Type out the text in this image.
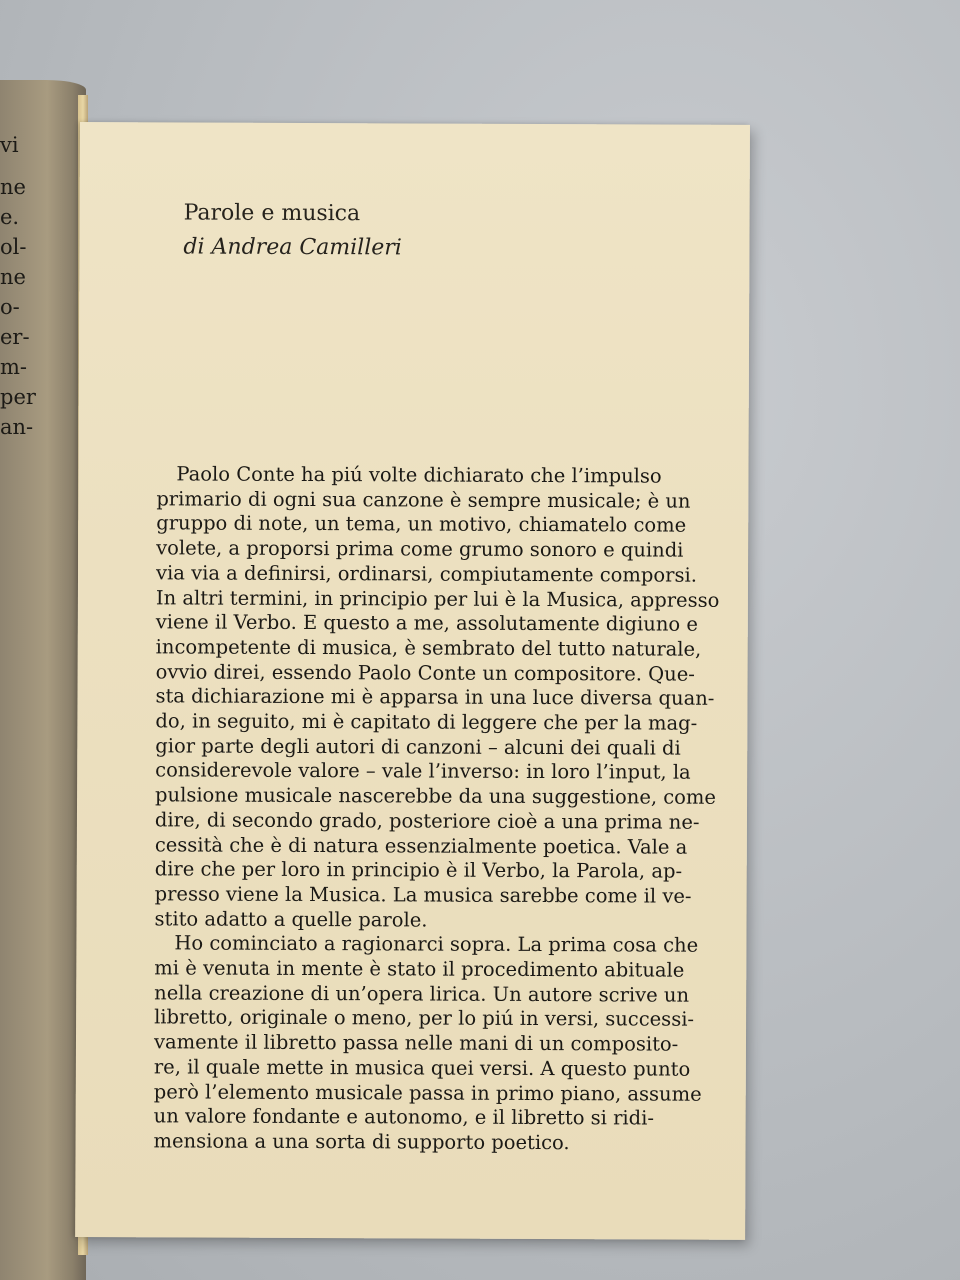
vi
ne
e.
ol-
ne
o-
er-
m-
per
an-
Parole e musica
di Andrea Camilleri
Paolo Conte ha piú volte dichiarato che l’impulso
primario di ogni sua canzone è sempre musicale; è un
gruppo di note, un tema, un motivo, chiamatelo come
volete, a proporsi prima come grumo sonoro e quindi
via via a definirsi, ordinarsi, compiutamente comporsi.
In altri termini, in principio per lui è la Musica, appresso
viene il Verbo. E questo a me, assolutamente digiuno e
incompetente di musica, è sembrato del tutto naturale,
ovvio direi, essendo Paolo Conte un compositore. Que-
sta dichiarazione mi è apparsa in una luce diversa quan-
do, in seguito, mi è capitato di leggere che per la mag-
gior parte degli autori di canzoni – alcuni dei quali di
considerevole valore – vale l’inverso: in loro l’input, la
pulsione musicale nascerebbe da una suggestione, come
dire, di secondo grado, posteriore cioè a una prima ne-
cessità che è di natura essenzialmente poetica. Vale a
dire che per loro in principio è il Verbo, la Parola, ap-
presso viene la Musica. La musica sarebbe come il ve-
stito adatto a quelle parole.
Ho cominciato a ragionarci sopra. La prima cosa che
mi è venuta in mente è stato il procedimento abituale
nella creazione di un’opera lirica. Un autore scrive un
libretto, originale o meno, per lo piú in versi, successi-
vamente il libretto passa nelle mani di un composito-
re, il quale mette in musica quei versi. A questo punto
però l’elemento musicale passa in primo piano, assume
un valore fondante e autonomo, e il libretto si ridi-
mensiona a una sorta di supporto poetico.
